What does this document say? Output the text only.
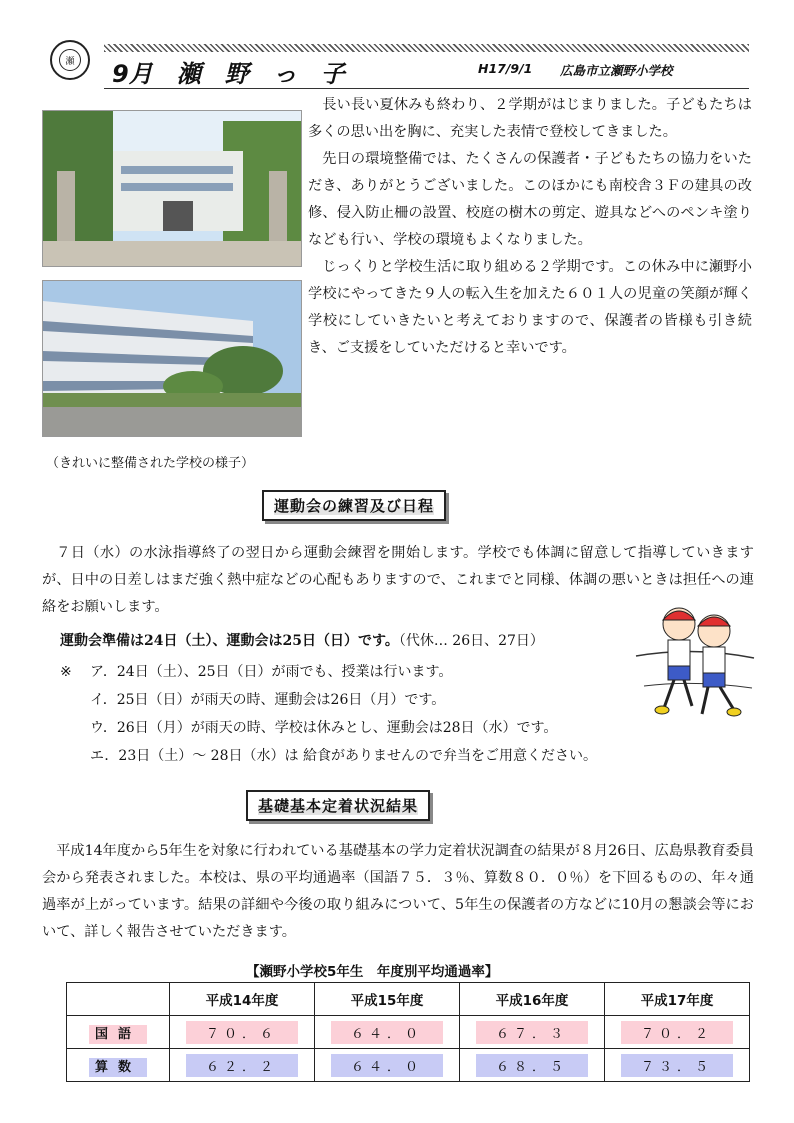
瀬 9月　瀬　野　っ　子	H17/9/1 広島市立瀬野小学校
（きれいに整備された学校の様子）

長い長い夏休みも終わり、２学期がはじまりました。子どもたちは多くの思い出を胸に、充実した表情で登校してきました。

先日の環境整備では、たくさんの保護者・子どもたちの協力をいただき、ありがとうございました。このほかにも南校舎３Ｆの建具の改修、侵入防止柵の設置、校庭の樹木の剪定、遊具などへのペンキ塗りなども行い、学校の環境もよくなりました。

じっくりと学校生活に取り組める２学期です。この休み中に瀬野小学校にやってきた９人の転入生を加えた６０１人の児童の笑顔が輝く学校にしていきたいと考えておりますので、保護者の皆様も引き続き、ご支援をしていただけると幸いです。

運動会の練習及び日程

７日（水）の水泳指導終了の翌日から運動会練習を開始します。学校でも体調に留意して指導していきますが、日中の日差しはまだ強く熱中症などの心配もありますので、これまでと同様、体調の悪いときは担任への連絡をお願いします。

運動会準備は24日（土）、運動会は25日（日）です。（代休… 26日、27日）
※ ア．24日（土）、25日（日）が雨でも、授業は行います。
イ．25日（日）が雨天の時、運動会は26日（月）です。
ウ．26日（月）が雨天の時、学校は休みとし、運動会は28日（水）です。
エ．23日（土）～ 28日（水）は 給食がありませんので弁当をご用意ください。
基礎基本定着状況結果

平成14年度から5年生を対象に行われている基礎基本の学力定着状況調査の結果が８月26日、広島県教育委員会から発表されました。本校は、県の平均通過率（国語７５．３％、算数８０．０％）を下回るものの、年々通過率が上がっています。結果の詳細や今後の取り組みについて、5年生の保護者の方などに10月の懇談会等において、詳しく報告させていただきます。

【瀬野小学校5年生　年度別平均通過率】
	平成14年度	平成15年度	平成16年度	平成17年度
国語	７０．６	６４．０	６７．３	７０．２
算数	６２．２	６４．０	６８．５	７３．５
